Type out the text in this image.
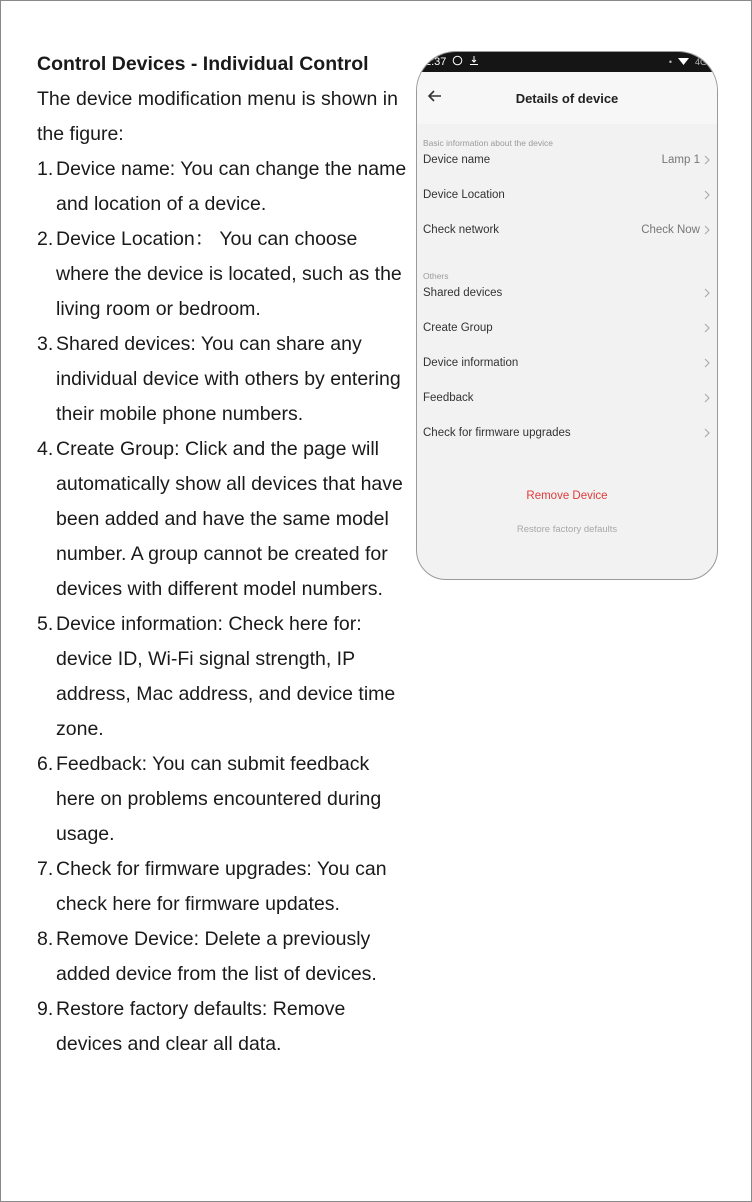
Control Devices - Individual Control
The device modification menu is shown in the figure:
1. Device name: You can change the name and location of a device.
2. Device Location： You can choose where the device is located, such as the living room or bedroom.
3. Shared devices: You can share any individual device with others by entering their mobile phone numbers.
4. Create Group: Click and the page will automatically show all devices that have been added and have the same model number. A group cannot be created for devices with different model numbers.
5. Device information: Check here for: device ID, Wi-Fi signal strength, IP address, Mac address, and device time zone.
6. Feedback: You can submit feedback here on problems encountered during usage.
7. Check for firmware upgrades: You can check here for firmware updates.
8. Remove Device: Delete a previously added device from the list of devices.
9. Restore factory defaults: Remove devices and clear all data.
2:37	•	4G
Details of device
Basic information about the device
Device name	Lamp 1
Device Location
Check network	Check Now
Others
Shared devices
Create Group
Device information
Feedback
Check for firmware upgrades
Remove Device
Restore factory defaults
